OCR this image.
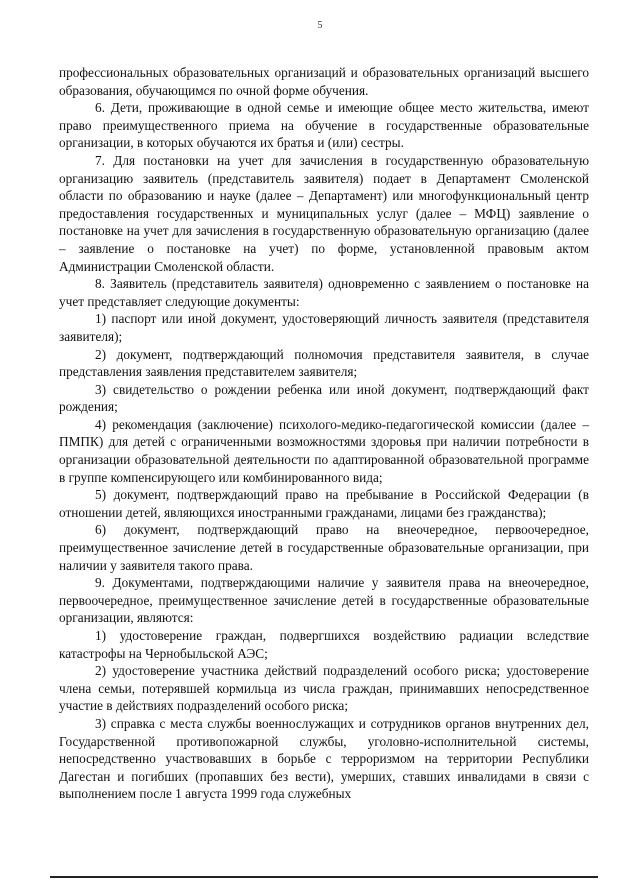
5

профессиональных образовательных организаций и образовательных организаций высшего образования, обучающимся по очной форме обучения.

6. Дети, проживающие в одной семье и имеющие общее место жительства, имеют право преимущественного приема на обучение в государственные образовательные организации, в которых обучаются их братья и (или) сестры.

7. Для постановки на учет для зачисления в государственную образовательную организацию заявитель (представитель заявителя) подает в Департамент Смоленской области по образованию и науке (далее – Департамент) или многофункциональный центр предоставления государственных и муниципальных услуг (далее – МФЦ) заявление о постановке на учет для зачисления в государственную образовательную организацию (далее – заявление о постановке на учет) по форме, установленной правовым актом Администрации Смоленской области.

8. Заявитель (представитель заявителя) одновременно с заявлением о постановке на учет представляет следующие документы:

1) паспорт или иной документ, удостоверяющий личность заявителя (представителя заявителя);

2) документ, подтверждающий полномочия представителя заявителя, в случае представления заявления представителем заявителя;

3) свидетельство о рождении ребенка или иной документ, подтверждающий факт рождения;

4) рекомендация (заключение) психолого-медико-педагогической комиссии (далее – ПМПК) для детей с ограниченными возможностями здоровья при наличии потребности в организации образовательной деятельности по адаптированной образовательной программе в группе компенсирующего или комбинированного вида;

5) документ, подтверждающий право на пребывание в Российской Федерации (в отношении детей, являющихся иностранными гражданами, лицами без гражданства);

6) документ, подтверждающий право на внеочередное, первоочередное, преимущественное зачисление детей в государственные образовательные организации, при наличии у заявителя такого права.

9. Документами, подтверждающими наличие у заявителя права на внеочередное, первоочередное, преимущественное зачисление детей в государственные образовательные организации, являются:

1) удостоверение граждан, подвергшихся воздействию радиации вследствие катастрофы на Чернобыльской АЭС;

2) удостоверение участника действий подразделений особого риска; удостоверение члена семьи, потерявшей кормильца из числа граждан, принимавших непосредственное участие в действиях подразделений особого риска;

3) справка с места службы военнослужащих и сотрудников органов внутренних дел, Государственной противопожарной службы, уголовно-исполнительной системы, непосредственно участвовавших в борьбе с терроризмом на территории Республики Дагестан и погибших (пропавших без вести), умерших, ставших инвалидами в связи с выполнением после 1 августа 1999 года служебных
